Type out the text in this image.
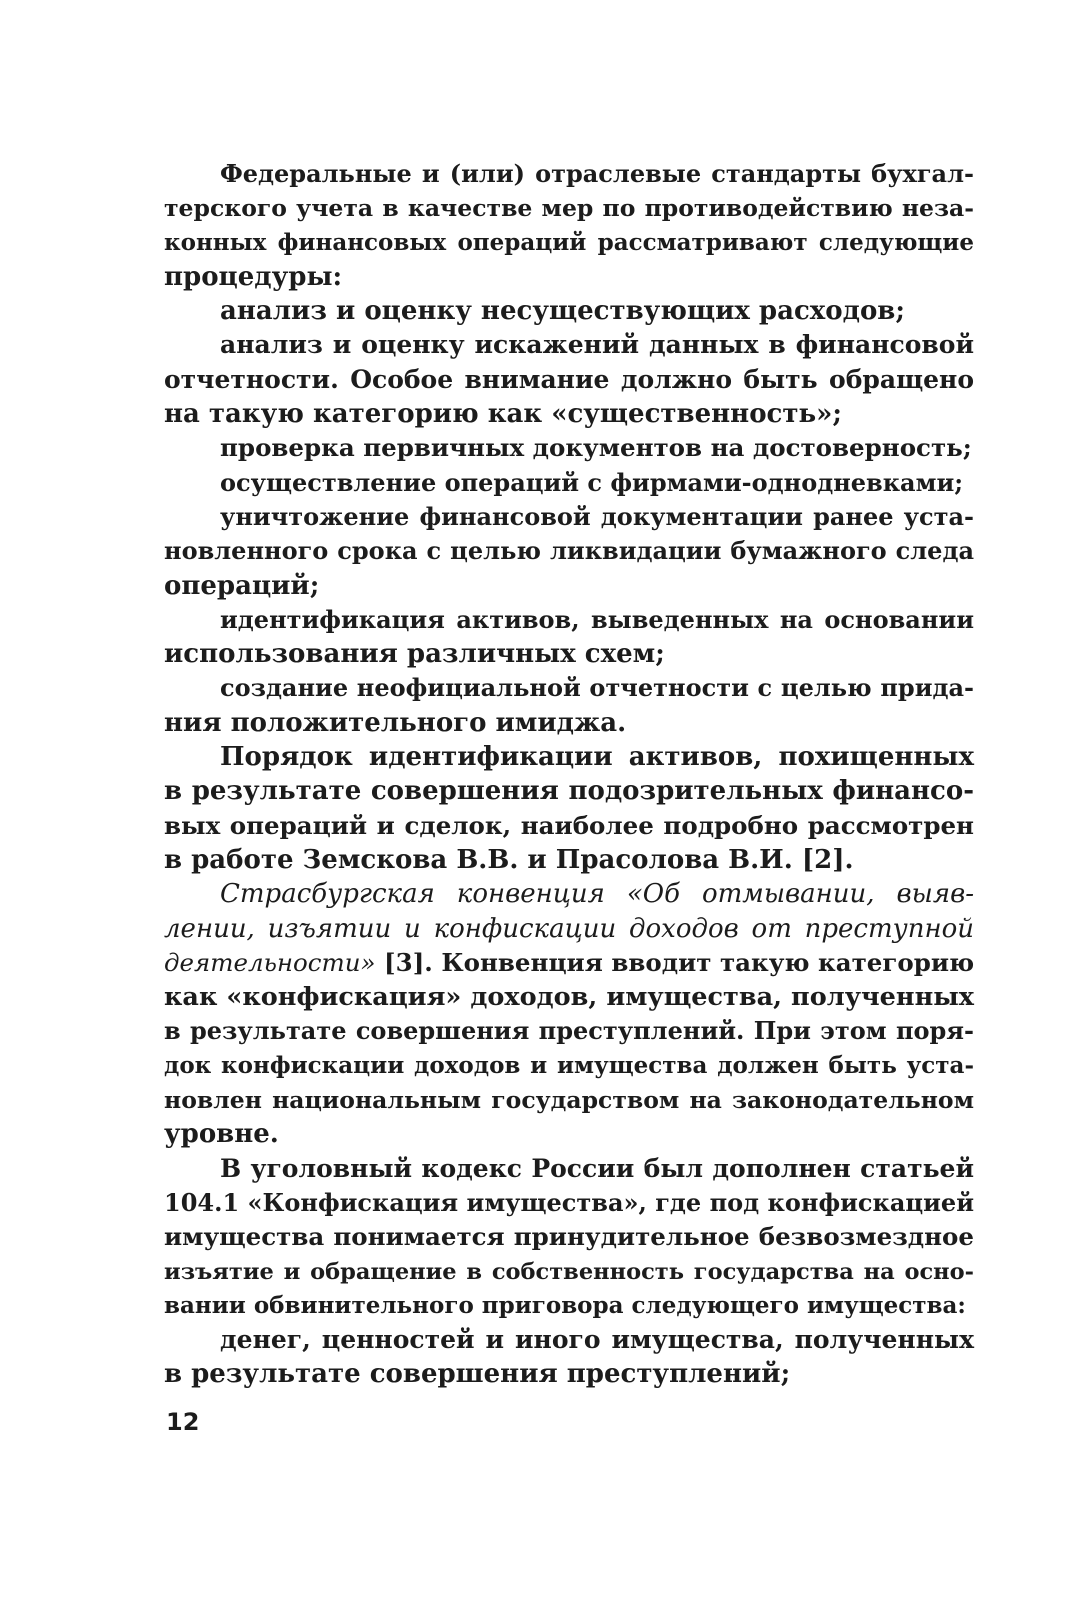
Федеральные и (или) отраслевые стандарты бухгал-
терского учета в качестве мер по противодействию неза-
конных финансовых операций рассматривают следующие
процедуры:
анализ и оценку несуществующих расходов;
анализ и оценку искажений данных в финансовой
отчетности. Особое внимание должно быть обращено
на такую категорию как «существенность»;
проверка первичных документов на достоверность;
осуществление операций с фирмами-однодневками;
уничтожение финансовой документации ранее уста-
новленного срока с целью ликвидации бумажного следа
операций;
идентификация активов, выведенных на основании
использования различных схем;
создание неофициальной отчетности с целью прида-
ния положительного имиджа.
Порядок идентификации активов, похищенных
в результате совершения подозрительных финансо-
вых операций и сделок, наиболее подробно рассмотрен
в работе Земскова В.В. и Прасолова В.И. [2].
Страсбургская конвенция «Об отмывании, выяв-
лении, изъятии и конфискации доходов от преступной
деятельности» [3]. Конвенция вводит такую категорию
как «конфискация» доходов, имущества, полученных
в результате совершения преступлений. При этом поря-
док конфискации доходов и имущества должен быть уста-
новлен национальным государством на законодательном
уровне.
В уголовный кодекс России был дополнен статьей
104.1 «Конфискация имущества», где под конфискацией
имущества понимается принудительное безвозмездное
изъятие и обращение в собственность государства на осно-
вании обвинительного приговора следующего имущества:
денег, ценностей и иного имущества, полученных
в результате совершения преступлений;
12
